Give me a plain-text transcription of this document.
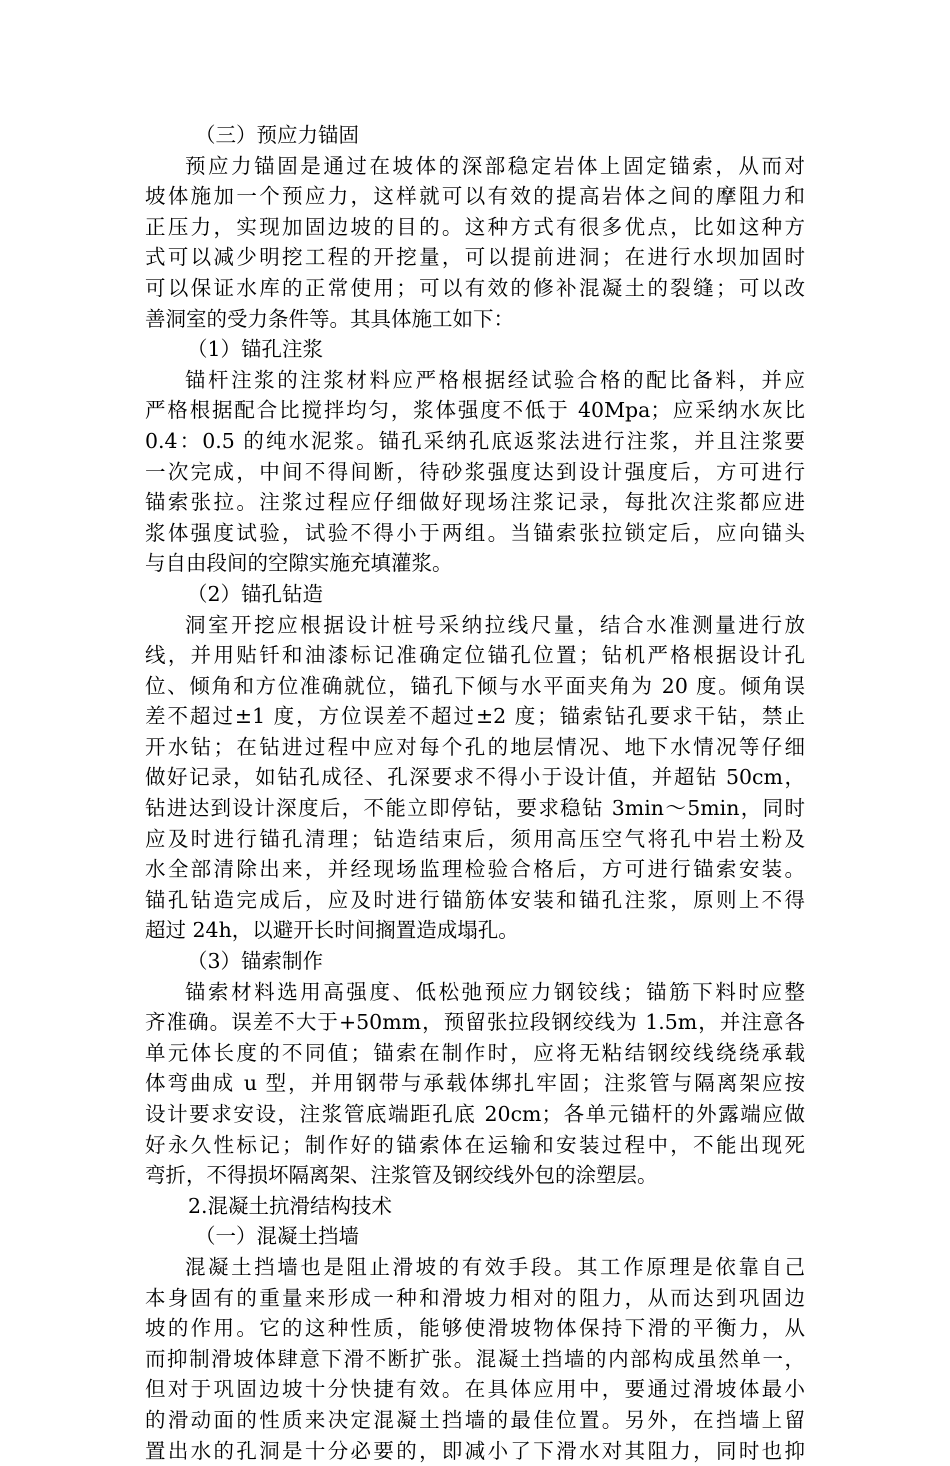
（三）预应力锚固
预应力锚固是通过在坡体的深部稳定岩体上固定锚索，从而对
坡体施加一个预应力，这样就可以有效的提高岩体之间的摩阻力和
正压力，实现加固边坡的目的。这种方式有很多优点，比如这种方
式可以减少明挖工程的开挖量，可以提前进洞；在进行水坝加固时
可以保证水库的正常使用；可以有效的修补混凝土的裂缝；可以改
善洞室的受力条件等。其具体施工如下：
（1）锚孔注浆
锚杆注浆的注浆材料应严格根据经试验合格的配比备料，并应
严格根据配合比搅拌均匀，浆体强度不低于 40Mpa；应采纳水灰比
0.4：0.5 的纯水泥浆。锚孔采纳孔底返浆法进行注浆，并且注浆要
一次完成，中间不得间断，待砂浆强度达到设计强度后，方可进行
锚索张拉。注浆过程应仔细做好现场注浆记录，每批次注浆都应进
浆体强度试验，试验不得小于两组。当锚索张拉锁定后，应向锚头
与自由段间的空隙实施充填灌浆。
（2）锚孔钻造
洞室开挖应根据设计桩号采纳拉线尺量，结合水准测量进行放
线，并用贴钎和油漆标记准确定位锚孔位置；钻机严格根据设计孔
位、倾角和方位准确就位，锚孔下倾与水平面夹角为 20 度。倾角误
差不超过±1 度，方位误差不超过±2 度；锚索钻孔要求干钻，禁止
开水钻；在钻进过程中应对每个孔的地层情况、地下水情况等仔细
做好记录，如钻孔成径、孔深要求不得小于设计值，并超钻 50cm，
钻进达到设计深度后，不能立即停钻，要求稳钻 3min～5min，同时
应及时进行锚孔清理；钻造结束后，须用高压空气将孔中岩土粉及
水全部清除出来，并经现场监理检验合格后，方可进行锚索安装。
锚孔钻造完成后，应及时进行锚筋体安装和锚孔注浆，原则上不得
超过 24h，以避开长时间搁置造成塌孔。
（3）锚索制作
锚索材料选用高强度、低松弛预应力钢铰线；锚筋下料时应整
齐准确。误差不大于+50mm，预留张拉段钢绞线为 1.5m，并注意各
单元体长度的不同值；锚索在制作时，应将无粘结钢绞线绕绕承载
体弯曲成 u 型，并用钢带与承载体绑扎牢固；注浆管与隔离架应按
设计要求安设，注浆管底端距孔底 20cm；各单元锚杆的外露端应做
好永久性标记；制作好的锚索体在运输和安装过程中，不能出现死
弯折，不得损坏隔离架、注浆管及钢绞线外包的涂塑层。
2.混凝土抗滑结构技术
（一）混凝土挡墙
混凝土挡墙也是阻止滑坡的有效手段。其工作原理是依靠自己
本身固有的重量来形成一种和滑坡力相对的阻力，从而达到巩固边
坡的作用。它的这种性质，能够使滑坡物体保持下滑的平衡力，从
而抑制滑坡体肆意下滑不断扩张。混凝土挡墙的内部构成虽然单一，
但对于巩固边坡十分快捷有效。在具体应用中，要通过滑坡体最小
的滑动面的性质来决定混凝土挡墙的最佳位置。另外，在挡墙上留
置出水的孔洞是十分必要的，即减小了下滑水对其阻力，同时也抑
